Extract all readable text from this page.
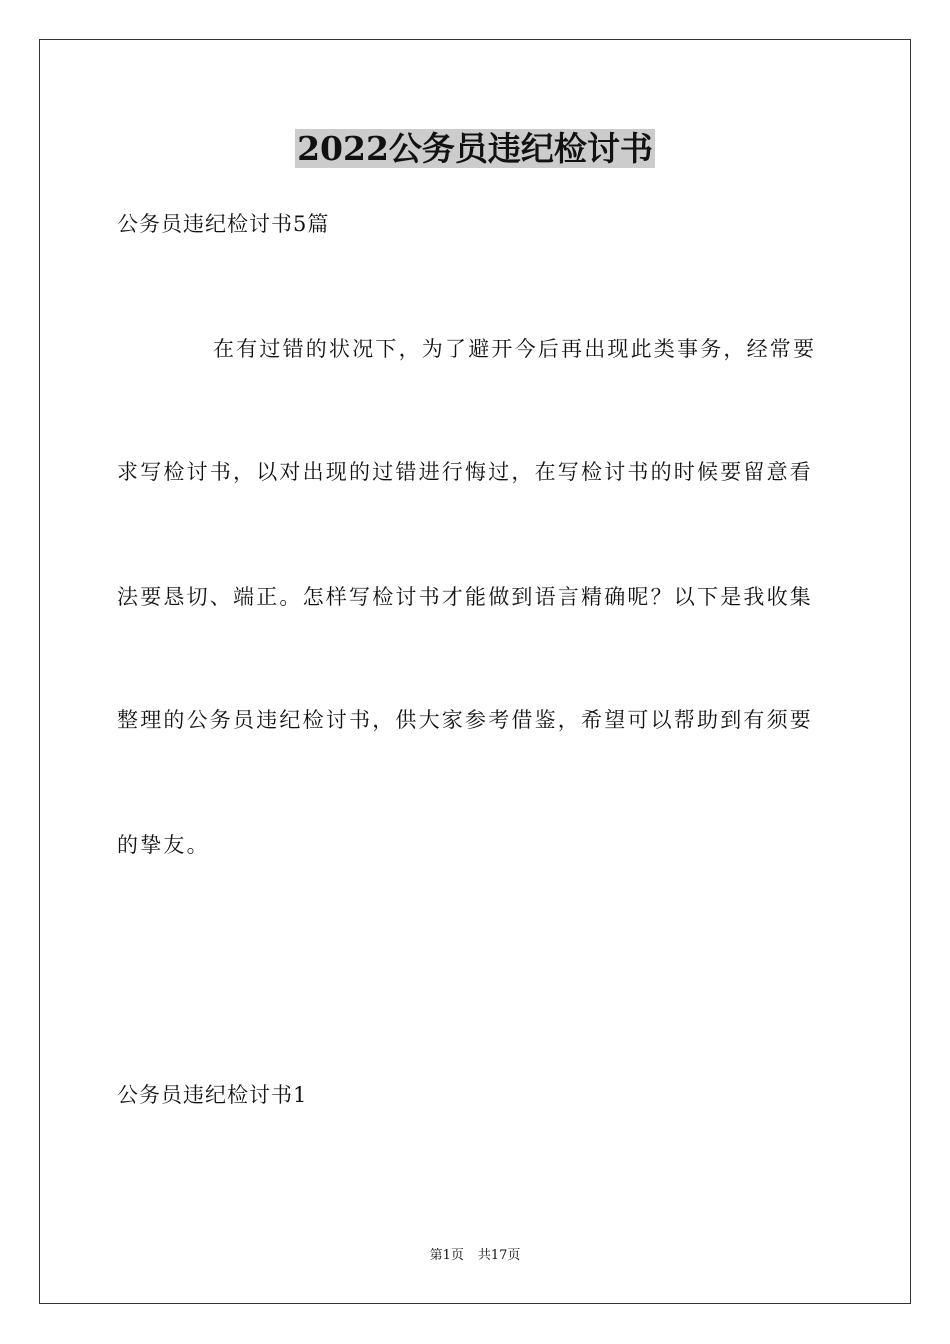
2022公务员违纪检讨书
公务员违纪检讨书5篇
在有过错的状况下，为了避开今后再出现此类事务，经常要
求写检讨书，以对出现的过错进行悔过，在写检讨书的时候要留意看
法要恳切、端正。怎样写检讨书才能做到语言精确呢？以下是我收集
整理的公务员违纪检讨书，供大家参考借鉴，希望可以帮助到有须要
的挚友。
公务员违纪检讨书1
第1页 共17页
